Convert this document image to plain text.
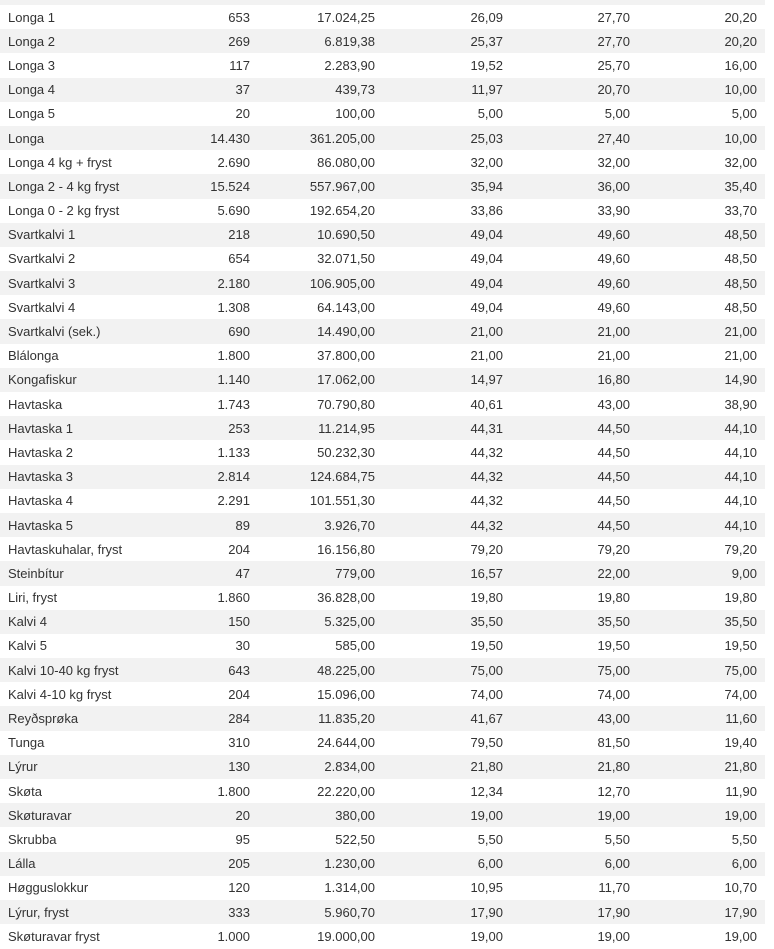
Longa 1	653	17.024,25	26,09	27,70	20,20
Longa 2	269	6.819,38	25,37	27,70	20,20
Longa 3	117	2.283,90	19,52	25,70	16,00
Longa 4	37	439,73	11,97	20,70	10,00
Longa 5	20	100,00	5,00	5,00	5,00
Longa	14.430	361.205,00	25,03	27,40	10,00
Longa 4 kg + fryst	2.690	86.080,00	32,00	32,00	32,00
Longa 2 - 4 kg fryst	15.524	557.967,00	35,94	36,00	35,40
Longa 0 - 2 kg fryst	5.690	192.654,20	33,86	33,90	33,70
Svartkalvi 1	218	10.690,50	49,04	49,60	48,50
Svartkalvi 2	654	32.071,50	49,04	49,60	48,50
Svartkalvi 3	2.180	106.905,00	49,04	49,60	48,50
Svartkalvi 4	1.308	64.143,00	49,04	49,60	48,50
Svartkalvi (sek.)	690	14.490,00	21,00	21,00	21,00
Blálonga	1.800	37.800,00	21,00	21,00	21,00
Kongafiskur	1.140	17.062,00	14,97	16,80	14,90
Havtaska	1.743	70.790,80	40,61	43,00	38,90
Havtaska 1	253	11.214,95	44,31	44,50	44,10
Havtaska 2	1.133	50.232,30	44,32	44,50	44,10
Havtaska 3	2.814	124.684,75	44,32	44,50	44,10
Havtaska 4	2.291	101.551,30	44,32	44,50	44,10
Havtaska 5	89	3.926,70	44,32	44,50	44,10
Havtaskuhalar, fryst	204	16.156,80	79,20	79,20	79,20
Steinbítur	47	779,00	16,57	22,00	9,00
Liri, fryst	1.860	36.828,00	19,80	19,80	19,80
Kalvi 4	150	5.325,00	35,50	35,50	35,50
Kalvi 5	30	585,00	19,50	19,50	19,50
Kalvi 10-40 kg fryst	643	48.225,00	75,00	75,00	75,00
Kalvi 4-10 kg fryst	204	15.096,00	74,00	74,00	74,00
Reyðsprøka	284	11.835,20	41,67	43,00	11,60
Tunga	310	24.644,00	79,50	81,50	19,40
Lýrur	130	2.834,00	21,80	21,80	21,80
Skøta	1.800	22.220,00	12,34	12,70	11,90
Skøturavar	20	380,00	19,00	19,00	19,00
Skrubba	95	522,50	5,50	5,50	5,50
Lálla	205	1.230,00	6,00	6,00	6,00
Høgguslokkur	120	1.314,00	10,95	11,70	10,70
Lýrur, fryst	333	5.960,70	17,90	17,90	17,90
Skøturavar fryst	1.000	19.000,00	19,00	19,00	19,00
